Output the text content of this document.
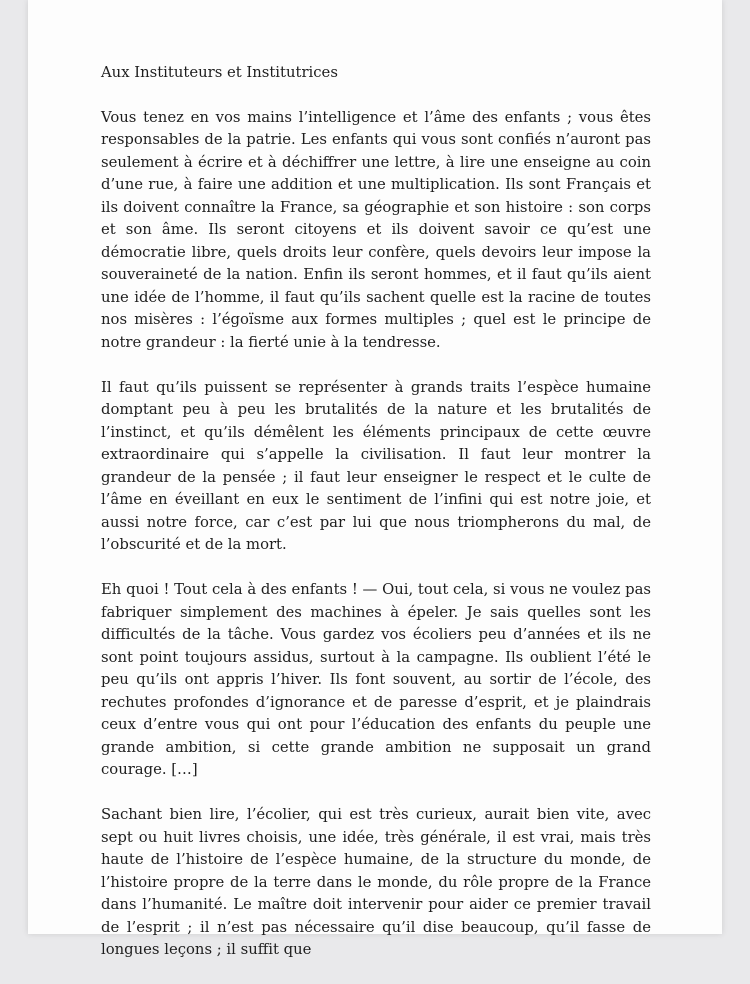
Aux Instituteurs et Institutrices

Vous tenez en vos mains l’intelligence et l’âme des enfants ; vous êtes responsables de la patrie. Les enfants qui vous sont confiés n’auront pas seulement à écrire et à déchiffrer une lettre, à lire une enseigne au coin d’une rue, à faire une addition et une multiplication. Ils sont Français et ils doivent connaître la France, sa géographie et son histoire : son corps et son âme. Ils seront citoyens et ils doivent savoir ce qu’est une démocratie libre, quels droits leur confère, quels devoirs leur impose la souveraineté de la nation. Enfin ils seront hommes, et il faut qu’ils aient une idée de l’homme, il faut qu’ils sachent quelle est la racine de toutes nos misères : l’égoïsme aux formes multiples ; quel est le principe de notre grandeur : la fierté unie à la tendresse.

Il faut qu’ils puissent se représenter à grands traits l’espèce humaine domptant peu à peu les brutalités de la nature et les brutalités de l’instinct, et qu’ils démêlent les éléments principaux de cette œuvre extraordinaire qui s’appelle la civilisation. Il faut leur montrer la grandeur de la pensée ; il faut leur enseigner le respect et le culte de l’âme en éveillant en eux le sentiment de l’infini qui est notre joie, et aussi notre force, car c’est par lui que nous triompherons du mal, de l’obscurité et de la mort.

Eh quoi ! Tout cela à des enfants ! — Oui, tout cela, si vous ne voulez pas fabriquer simplement des machines à épeler. Je sais quelles sont les difficultés de la tâche. Vous gardez vos écoliers peu d’années et ils ne sont point toujours assidus, surtout à la campagne. Ils oublient l’été le peu qu’ils ont appris l’hiver. Ils font souvent, au sortir de l’école, des rechutes profondes d’ignorance et de paresse d’esprit, et je plaindrais ceux d’entre vous qui ont pour l’éducation des enfants du peuple une grande ambition, si cette grande ambition ne supposait un grand courage. […]

Sachant bien lire, l’écolier, qui est très curieux, aurait bien vite, avec sept ou huit livres choisis, une idée, très générale, il est vrai, mais très haute de l’histoire de l’espèce humaine, de la structure du monde, de l’histoire propre de la terre dans le monde, du rôle propre de la France dans l’humanité. Le maître doit intervenir pour aider ce premier travail de l’esprit ; il n’est pas nécessaire qu’il dise beaucoup, qu’il fasse de longues leçons ; il suffit que
